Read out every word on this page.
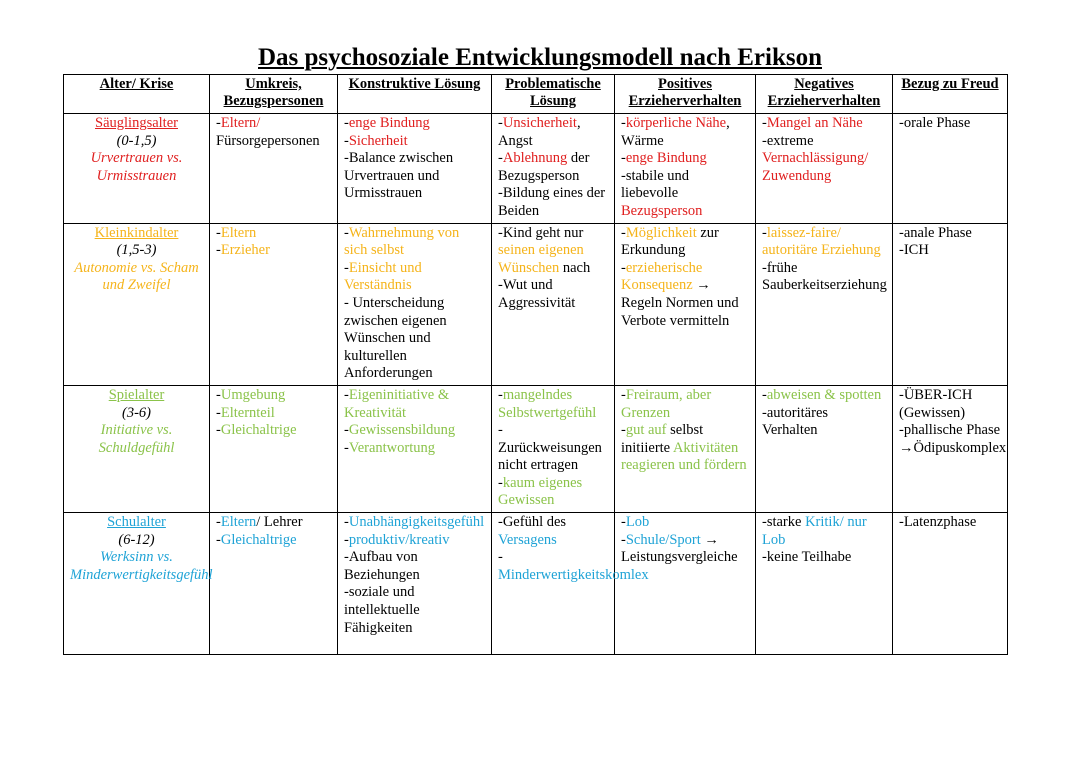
Das psychosoziale Entwicklungsmodell nach Erikson
Alter/ Krise	Umkreis, Bezugspersonen	Konstruktive Lösung	Problematische Lösung	Positives Erzieherverhalten	Negatives Erzieherverhalten	Bezug zu Freud

Säuglingsalter
(0-1,5)
Urvertrauen vs. Urmisstrauen	-Eltern/
Fürsorgepersonen	-enge Bindung
-Sicherheit
-Balance zwischen Urvertrauen und Urmisstrauen	-Unsicherheit, Angst
-Ablehnung der Bezugsperson
-Bildung eines der Beiden	-körperliche Nähe, Wärme
-enge Bindung
-stabile und liebevolle Bezugsperson	-Mangel an Nähe
-extreme Vernachlässigung/ Zuwendung	-orale Phase

Kleinkindalter
(1,5-3)
Autonomie vs. Scham und Zweifel	-Eltern
-Erzieher	-Wahrnehmung von sich selbst
-Einsicht und Verständnis
- Unterscheidung zwischen eigenen Wünschen und kulturellen Anforderungen	-Kind geht nur seinen eigenen Wünschen nach
-Wut und Aggressivität	-Möglichkeit zur Erkundung
-erzieherische Konsequenz → Regeln Normen und Verbote vermitteln	-laissez-faire/ autoritäre Erziehung
-frühe Sauberkeitserziehung	-anale Phase
-ICH

Spielalter
(3-6)
Initiative vs. Schuldgefühl	-Umgebung
-Elternteil
-Gleichaltrige	-Eigeninitiative & Kreativität
-Gewissensbildung
-Verantwortung	-mangelndes Selbstwertgefühl
- Zurückweisungen nicht ertragen
-kaum eigenes Gewissen	-Freiraum, aber Grenzen
-gut auf selbst initiierte Aktivitäten reagieren und fördern	-abweisen & spotten
-autoritäres Verhalten	-ÜBER-ICH (Gewissen)
-phallische Phase
→Ödipuskomplex

Schulalter
(6-12)
Werksinn vs. Minderwertigkeitsgefühl	-Eltern/ Lehrer
-Gleichaltrige	-Unabhängigkeitsgefühl
-produktiv/kreativ
-Aufbau von Beziehungen
-soziale und intellektuelle Fähigkeiten	-Gefühl des Versagens
-Minderwertigkeitskomlex	-Lob
-Schule/Sport → Leistungsvergleiche	-starke Kritik/ nur Lob
-keine Teilhabe	-Latenzphase
